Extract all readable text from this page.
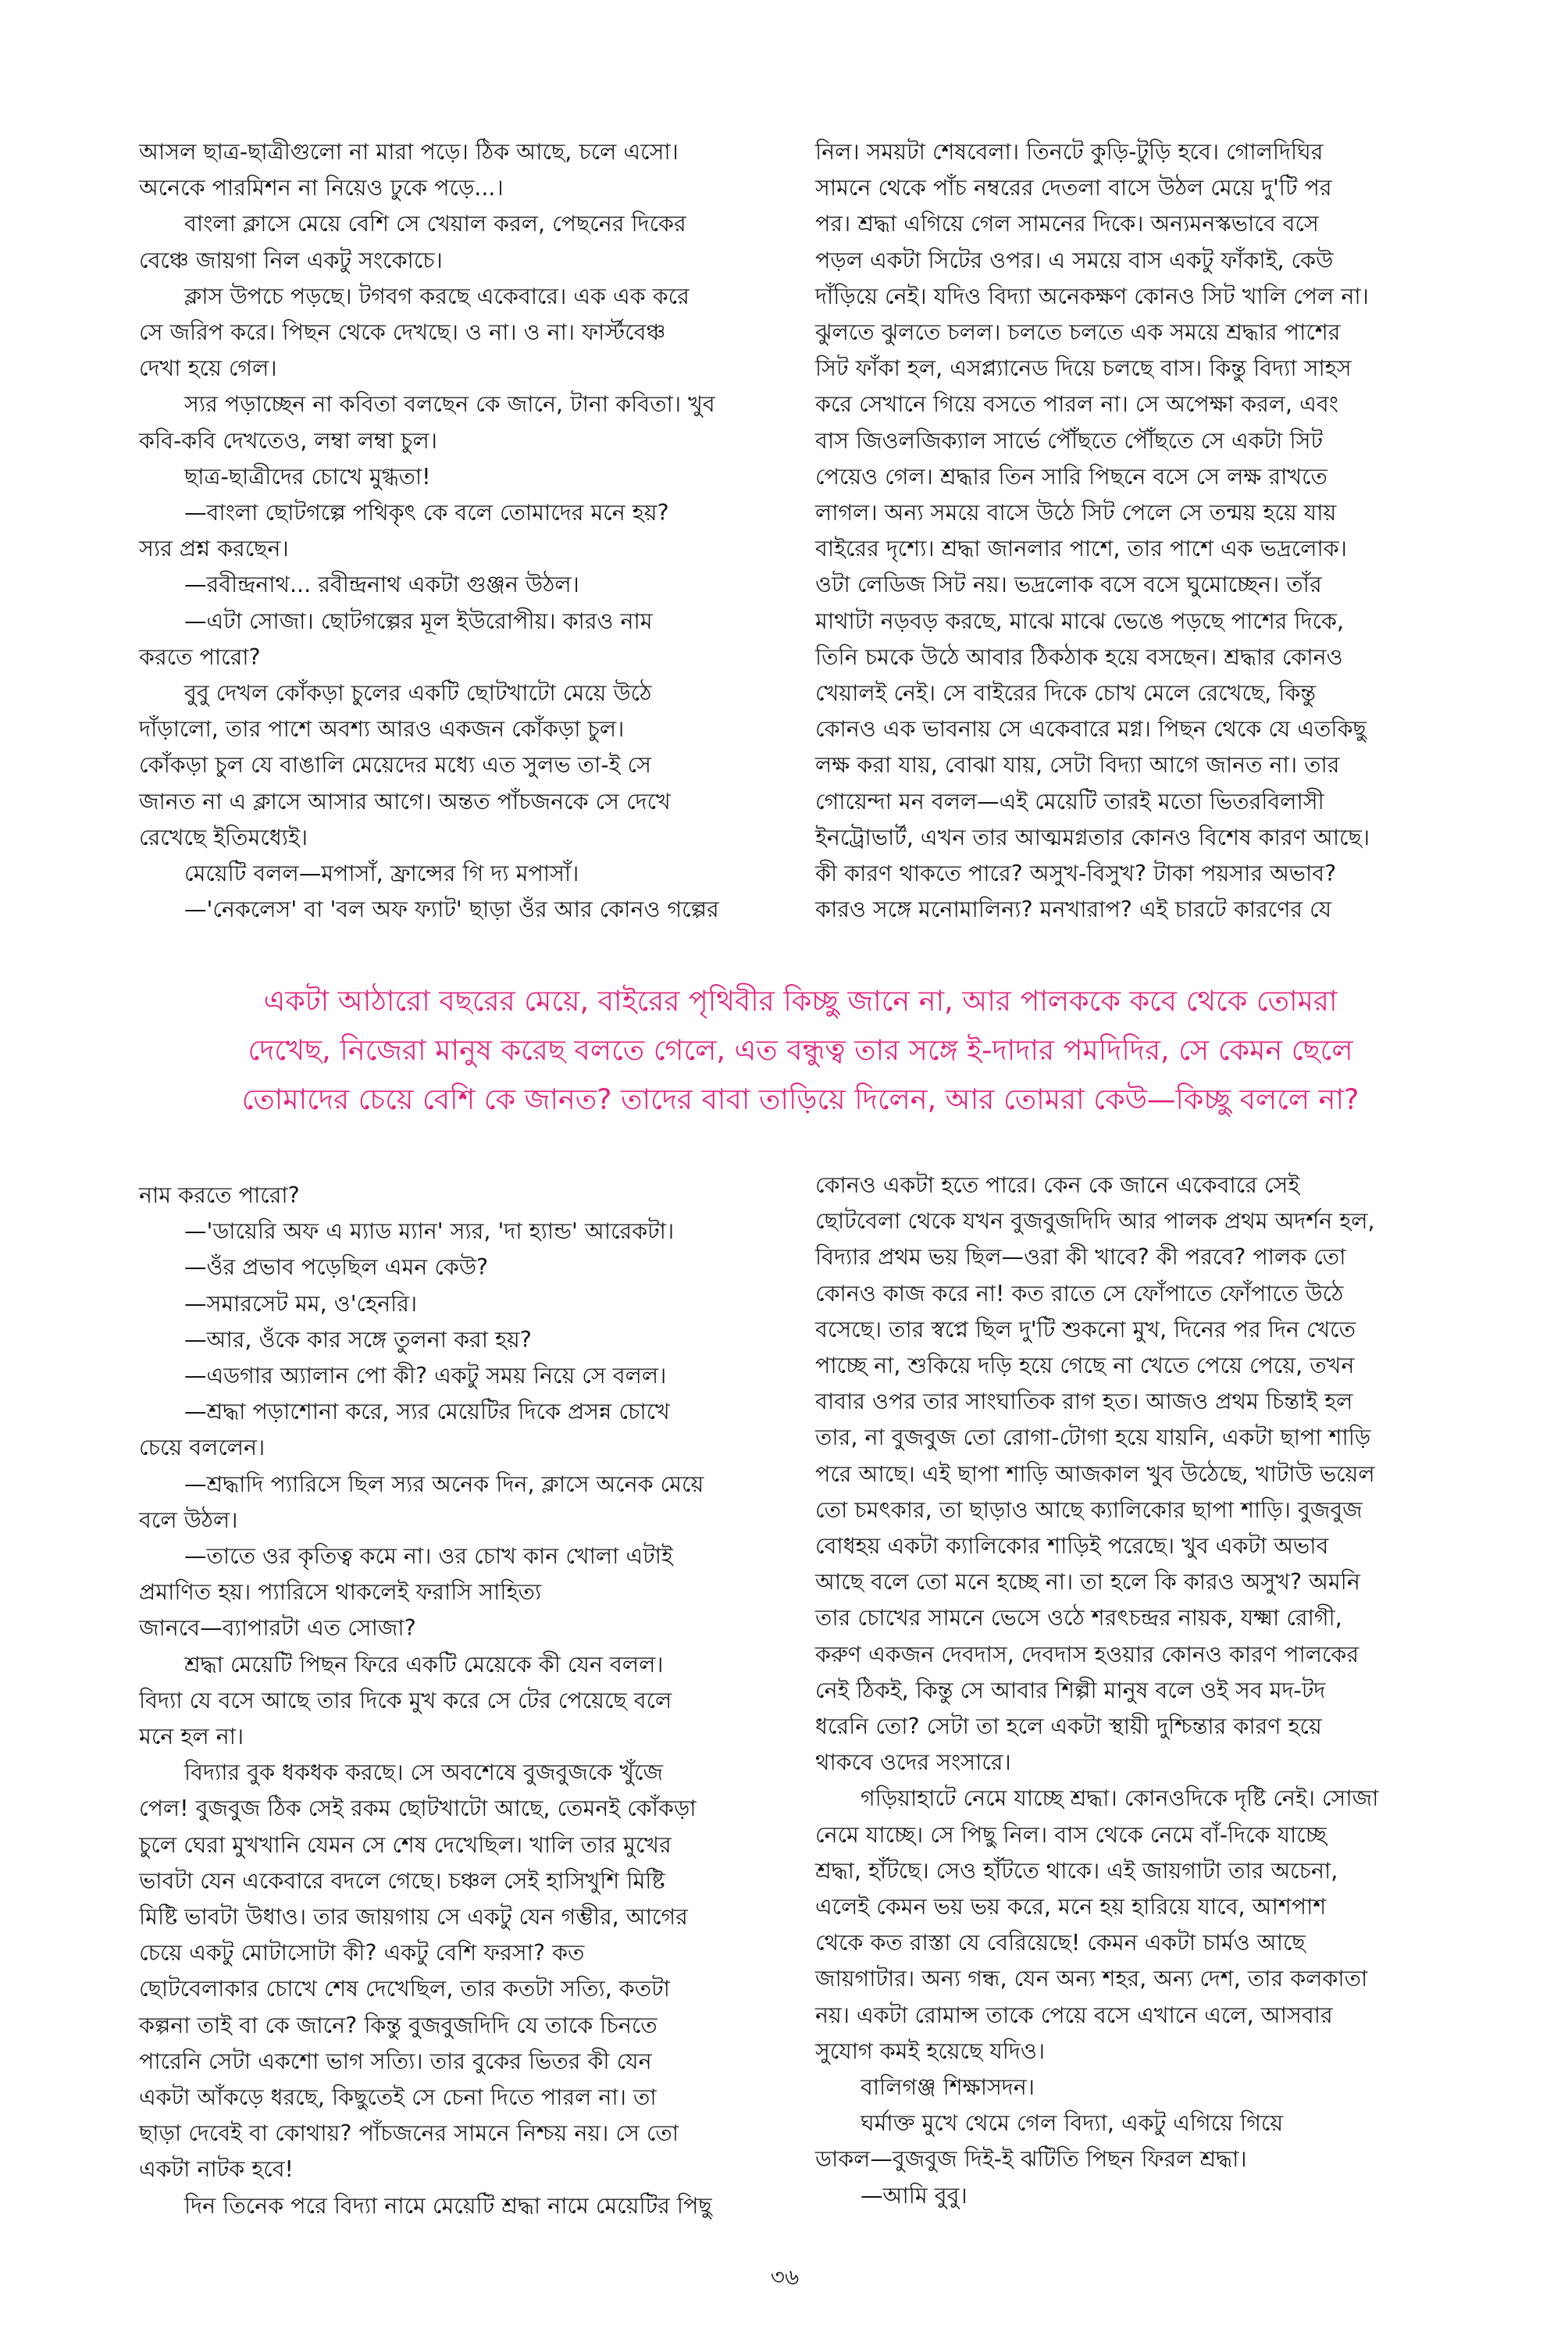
আসল ছাত্র-ছাত্রীগুলো না মারা পড়ে। ঠিক আছে, চলে এসো।

অনেকে পারমিশন না নিয়েও ঢুকে পড়ে...।

বাংলা ক্লাসে মেয়ে বেশি সে খেয়াল করল, পেছনের দিকের

বেঞ্চে জায়গা নিল একটু সংকোচে।

ক্লাস উপচে পড়ছে। টগবগ করছে একেবারে। এক এক করে

সে জরিপ করে। পিছন থেকে দেখছে। ও না। ও না। ফার্স্টবেঞ্চ

দেখা হয়ে গেল।

স্যর পড়াচ্ছেন না কবিতা বলছেন কে জানে, টানা কবিতা। খুব

কবি-কবি দেখতেও, লম্বা লম্বা চুল।

ছাত্র-ছাত্রীদের চোখে মুগ্ধতা!

—বাংলা ছোটগল্পে পথিকৃৎ কে বলে তোমাদের মনে হয়?

স্যর প্রশ্ন করছেন।

—রবীন্দ্রনাথ... রবীন্দ্রনাথ একটা গুঞ্জন উঠল।

—এটা সোজা। ছোটগল্পের মূল ইউরোপীয়। কারও নাম

করতে পারো?

বুবু দেখল কোঁকড়া চুলের একটি ছোটখাটো মেয়ে উঠে

দাঁড়ালো, তার পাশে অবশ্য আরও একজন কোঁকড়া চুল।

কোঁকড়া চুল যে বাঙালি মেয়েদের মধ্যে এত সুলভ তা-ই সে

জানত না এ ক্লাসে আসার আগে। অন্তত পাঁচজনকে সে দেখে

রেখেছে ইতিমধ্যেই।

মেয়েটি বলল—মপাসাঁ, ফ্রান্সের গি দ্য মপাসাঁ।

—'নেকলেস' বা 'বল অফ ফ্যাট' ছাড়া ওঁর আর কোনও গল্পের

নিল। সময়টা শেষবেলা। তিনটে কুড়ি-টুড়ি হবে। গোলদিঘির

সামনে থেকে পাঁচ নম্বরের দেতলা বাসে উঠল মেয়ে দু'টি পর

পর। শ্রদ্ধা এগিয়ে গেল সামনের দিকে। অন্যমনস্কভাবে বসে

পড়ল একটা সিটের ওপর। এ সময়ে বাস একটু ফাঁকাই, কেউ

দাঁড়িয়ে নেই। যদিও বিদ্যা অনেকক্ষণ কোনও সিট খালি পেল না।

ঝুলতে ঝুলতে চলল। চলতে চলতে এক সময়ে শ্রদ্ধার পাশের

সিট ফাঁকা হল, এসপ্ল্যানেড দিয়ে চলছে বাস। কিন্তু বিদ্যা সাহস

করে সেখানে গিয়ে বসতে পারল না। সে অপেক্ষা করল, এবং

বাস জিওলজিক্যাল সার্ভে পৌঁছতে পৌঁছতে সে একটা সিট

পেয়েও গেল। শ্রদ্ধার তিন সারি পিছনে বসে সে লক্ষ রাখতে

লাগল। অন্য সময়ে বাসে উঠে সিট পেলে সে তন্ময় হয়ে যায়

বাইরের দৃশ্যে। শ্রদ্ধা জানলার পাশে, তার পাশে এক ভদ্রলোক।

ওটা লেডিজ সিট নয়। ভদ্রলোক বসে বসে ঘুমোচ্ছেন। তাঁর

মাথাটা নড়বড় করছে, মাঝে মাঝে ভেঙে পড়ছে পাশের দিকে,

তিনি চমকে উঠে আবার ঠিকঠাক হয়ে বসছেন। শ্রদ্ধার কোনও

খেয়ালই নেই। সে বাইরের দিকে চোখ মেলে রেখেছে, কিন্তু

কোনও এক ভাবনায় সে একেবারে মগ্ন। পিছন থেকে যে এতকিছু

লক্ষ করা যায়, বোঝা যায়, সেটা বিদ্যা আগে জানত না। তার

গোয়েন্দা মন বলল—এই মেয়েটি তারই মতো ভিতরবিলাসী

ইনট্রোভার্ট, এখন তার আত্মমগ্নতার কোনও বিশেষ কারণ আছে।

কী কারণ থাকতে পারে? অসুখ-বিসুখ? টাকা পয়সার অভাব?

কারও সঙ্গে মনোমালিন্য? মনখারাপ? এই চারটে কারণের যে

একটা আঠারো বছরের মেয়ে, বাইরের পৃথিবীর কিচ্ছু জানে না, আর পালককে কবে থেকে তোমরা

দেখেছ, নিজেরা মানুষ করেছ বলতে গেলে, এত বন্ধুত্ব তার সঙ্গে ই-দাদার পমদিদির, সে কেমন ছেলে

তোমাদের চেয়ে বেশি কে জানত? তাদের বাবা তাড়িয়ে দিলেন, আর তোমরা কেউ—কিচ্ছু বললে না?

নাম করতে পারো?

—'ডায়েরি অফ এ ম্যাড ম্যান' স্যর, 'দা হ্যান্ড' আরেকটা।

—ওঁর প্রভাব পড়েছিল এমন কেউ?

—সমারসেট মম, ও'হেনরি।

—আর, ওঁকে কার সঙ্গে তুলনা করা হয়?

—এডগার অ্যালান পো কী? একটু সময় নিয়ে সে বলল।

—শ্রদ্ধা পড়াশোনা করে, স্যর মেয়েটির দিকে প্রসন্ন চোখে

চেয়ে বললেন।

—শ্রদ্ধাদি প্যারিসে ছিল স্যর অনেক দিন, ক্লাসে অনেক মেয়ে

বলে উঠল।

—তাতে ওর কৃতিত্ব কমে না। ওর চোখ কান খোলা এটাই

প্রমাণিত হয়। প্যারিসে থাকলেই ফরাসি সাহিত্য

জানবে—ব্যাপারটা এত সোজা?

শ্রদ্ধা মেয়েটি পিছন ফিরে একটি মেয়েকে কী যেন বলল।

বিদ্যা যে বসে আছে তার দিকে মুখ করে সে টের পেয়েছে বলে

মনে হল না।

বিদ্যার বুক ধকধক করছে। সে অবশেষে বুজবুজকে খুঁজে

পেল! বুজবুজ ঠিক সেই রকম ছোটখাটো আছে, তেমনই কোঁকড়া

চুলে ঘেরা মুখখানি যেমন সে শেষ দেখেছিল। খালি তার মুখের

ভাবটা যেন একেবারে বদলে গেছে। চঞ্চল সেই হাসিখুশি মিষ্টি

মিষ্টি ভাবটা উধাও। তার জায়গায় সে একটু যেন গম্ভীর, আগের

চেয়ে একটু মোটাসোটা কী? একটু বেশি ফরসা? কত

ছোটবেলাকার চোখে শেষ দেখেছিল, তার কতটা সত্যি, কতটা

কল্পনা তাই বা কে জানে? কিন্তু বুজবুজদিদি যে তাকে চিনতে

পারেনি সেটা একশো ভাগ সত্যি। তার বুকের ভিতর কী যেন

একটা আঁকড়ে ধরছে, কিছুতেই সে চেনা দিতে পারল না। তা

ছাড়া দেবেই বা কোথায়? পাঁচজনের সামনে নিশ্চয় নয়। সে তো

একটা নাটক হবে!

দিন তিনেক পরে বিদ্যা নামে মেয়েটি শ্রদ্ধা নামে মেয়েটির পিছু

কোনও একটা হতে পারে। কেন কে জানে একেবারে সেই

ছোটবেলা থেকে যখন বুজবুজদিদি আর পালক প্রথম অদর্শন হল,

বিদ্যার প্রথম ভয় ছিল—ওরা কী খাবে? কী পরবে? পালক তো

কোনও কাজ করে না! কত রাতে সে ফোঁপাতে ফোঁপাতে উঠে

বসেছে। তার স্বপ্নে ছিল দু'টি শুকনো মুখ, দিনের পর দিন খেতে

পাচ্ছে না, শুকিয়ে দড়ি হয়ে গেছে না খেতে পেয়ে পেয়ে, তখন

বাবার ওপর তার সাংঘাতিক রাগ হত। আজও প্রথম চিন্তাই হল

তার, না বুজবুজ তো রোগা-টোগা হয়ে যায়নি, একটা ছাপা শাড়ি

পরে আছে। এই ছাপা শাড়ি আজকাল খুব উঠেছে, খাটাউ ভয়েল

তো চমৎকার, তা ছাড়াও আছে ক্যালিকোর ছাপা শাড়ি। বুজবুজ

বোধহয় একটা ক্যালিকোর শাড়িই পরেছে। খুব একটা অভাব

আছে বলে তো মনে হচ্ছে না। তা হলে কি কারও অসুখ? অমনি

তার চোখের সামনে ভেসে ওঠে শরৎচন্দ্রর নায়ক, যক্ষ্মা রোগী,

করুণ একজন দেবদাস, দেবদাস হওয়ার কোনও কারণ পালকের

নেই ঠিকই, কিন্তু সে আবার শিল্পী মানুষ বলে ওই সব মদ-টদ

ধরেনি তো? সেটা তা হলে একটা স্থায়ী দুশ্চিন্তার কারণ হয়ে

থাকবে ওদের সংসারে।

গড়িয়াহাটে নেমে যাচ্ছে শ্রদ্ধা। কোনওদিকে দৃষ্টি নেই। সোজা

নেমে যাচ্ছে। সে পিছু নিল। বাস থেকে নেমে বাঁ-দিকে যাচ্ছে

শ্রদ্ধা, হাঁটছে। সেও হাঁটতে থাকে। এই জায়গাটা তার অচেনা,

এলেই কেমন ভয় ভয় করে, মনে হয় হারিয়ে যাবে, আশপাশ

থেকে কত রাস্তা যে বেরিয়েছে! কেমন একটা চার্মও আছে

জায়গাটার। অন্য গন্ধ, যেন অন্য শহর, অন্য দেশ, তার কলকাতা

নয়। একটা রোমান্স তাকে পেয়ে বসে এখানে এলে, আসবার

সুযোগ কমই হয়েছে যদিও।

বালিগঞ্জ শিক্ষাসদন।

ঘর্মাক্ত মুখে থেমে গেল বিদ্যা, একটু এগিয়ে গিয়ে

ডাকল—বুজবুজ দিই-ই ঝটিতি পিছন ফিরল শ্রদ্ধা।

—আমি বুবু।

৩৬
